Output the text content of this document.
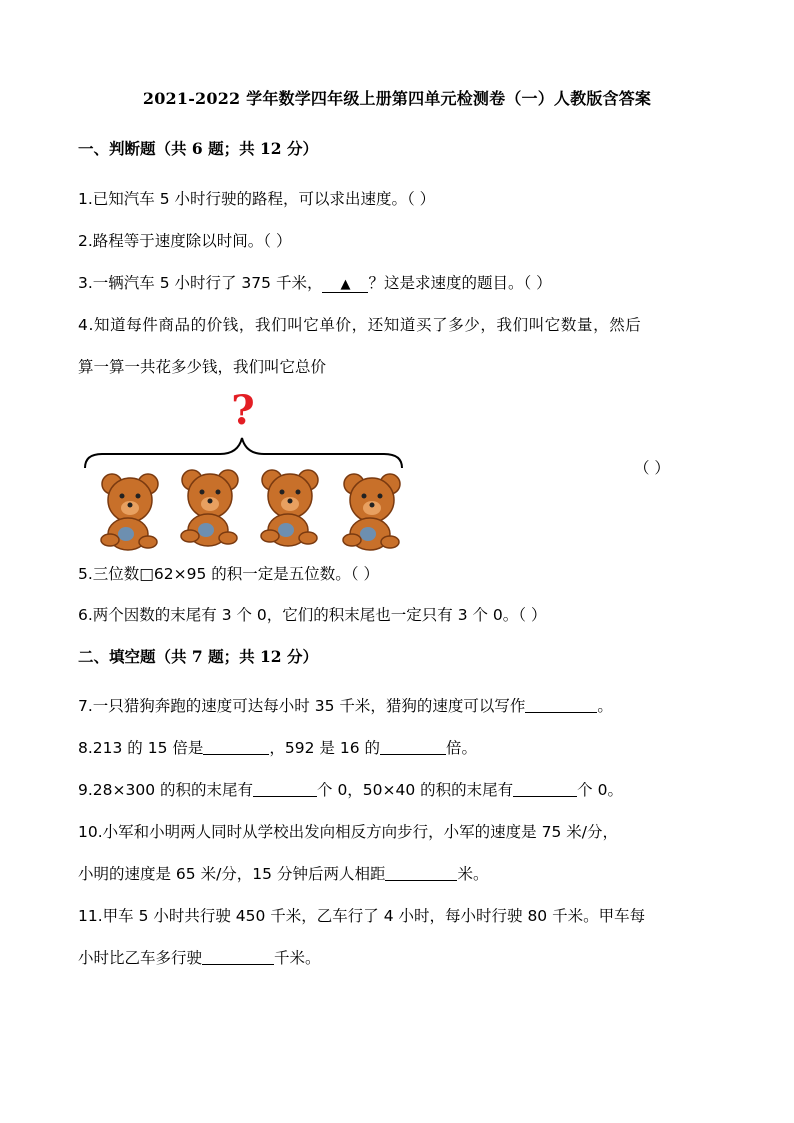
2021-2022 学年数学四年级上册第四单元检测卷（一）人教版含答案
一、判断题（共 6 题；共 12 分）
1.已知汽车 5 小时行驶的路程，可以求出速度。（ ）
2.路程等于速度除以时间。（ ）
3.一辆汽车 5 小时行了 375 千米， ▲ ？这是求速度的题目。（ ）
4.知道每件商品的价钱，我们叫它单价，还知道买了多少，我们叫它数量，然后
算一算一共花多少钱，我们叫它总价
?
（ ）
5.三位数□62×95 的积一定是五位数。（ ）
6.两个因数的末尾有 3 个 0，它们的积末尾也一定只有 3 个 0。（ ）
二、填空题（共 7 题；共 12 分）
7.一只猎狗奔跑的速度可达每小时 35 千米，猎狗的速度可以写作	。
8.213 的 15 倍是	，592 是 16 的	倍。
9.28×300 的积的末尾有	个 0，50×40 的积的末尾有	个 0。
10.小军和小明两人同时从学校出发向相反方向步行，小军的速度是 75 米/分，
小明的速度是 65 米/分，15 分钟后两人相距	米。
11.甲车 5 小时共行驶 450 千米，乙车行了 4 小时，每小时行驶 80 千米。甲车每
小时比乙车多行驶	千米。
